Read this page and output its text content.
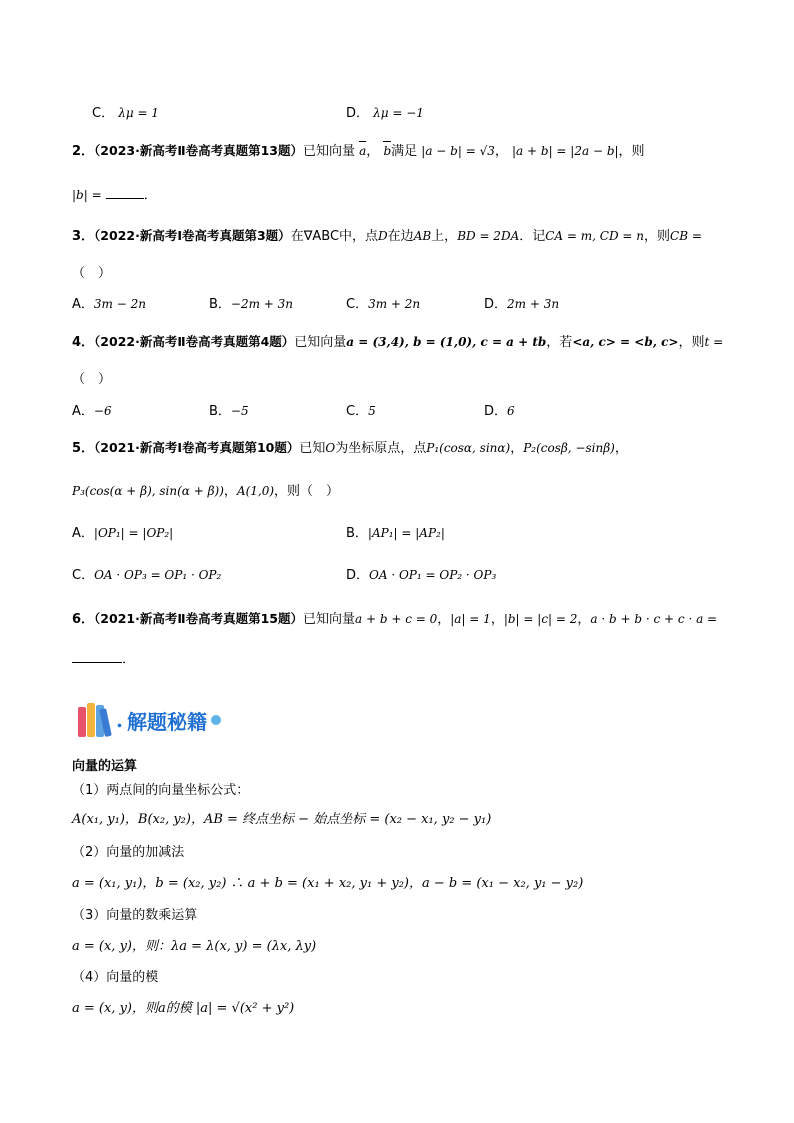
C． λμ = 1	D． λμ = −1
2．（2023·新高考Ⅱ卷高考真题第13题）已知向量 a， b满足 |a − b| = √3， |a + b| = |2a − b|，则
|b| =	．
3．（2022·新高考Ⅰ卷高考真题第3题）在∇ABC中，点D在边AB上，BD = 2DA．记CA = m, CD = n，则CB =
（　）
A．3m − 2n	B．−2m + 3n	C．3m + 2n	D．2m + 3n
4．（2022·新高考Ⅱ卷高考真题第4题）已知向量a = (3,4), b = (1,0), c = a + tb，若<a, c> = <b, c>，则t =
（　）
A．−6	B．−5	C．5	D．6
5．（2021·新高考Ⅰ卷高考真题第10题）已知O为坐标原点，点P₁(cosα, sinα)，P₂(cosβ, −sinβ)，
P₃(cos(α + β), sin(α + β))，A(1,0)，则（　）
A．|OP₁| = |OP₂|	B．|AP₁| = |AP₂|
C．OA · OP₃ = OP₁ · OP₂	D．OA · OP₁ = OP₂ · OP₃
6．（2021·新高考Ⅱ卷高考真题第15题）已知向量a + b + c = 0，|a| = 1，|b| = |c| = 2，a · b + b · c + c · a =
．
. 解题秘籍
向量的运算
（1）两点间的向量坐标公式：
A(x₁, y₁)，B(x₂, y₂)，AB = 终点坐标 − 始点坐标 = (x₂ − x₁, y₂ − y₁)
（2）向量的加减法
a = (x₁, y₁)，b = (x₂, y₂) ∴ a + b = (x₁ + x₂, y₁ + y₂)，a − b = (x₁ − x₂, y₁ − y₂)
（3）向量的数乘运算
a = (x, y)，则：λa = λ(x, y) = (λx, λy)
（4）向量的模
a = (x, y)，则a的模 |a| = √(x² + y²)
